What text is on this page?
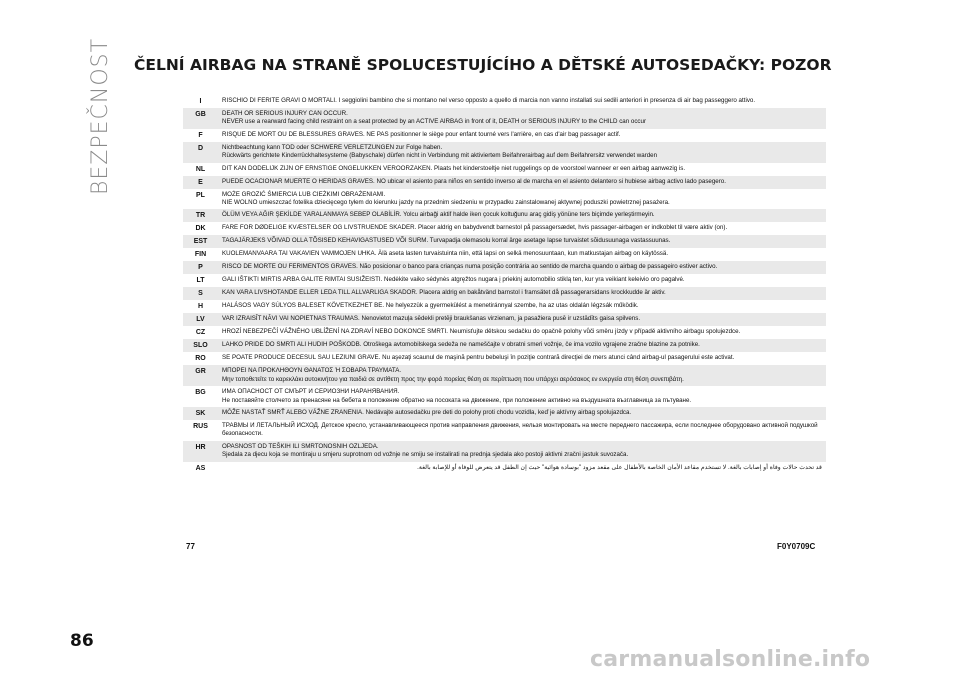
BEZPEČNOST ČELNÍ AIRBAG NA STRANĚ SPOLUCESTUJÍCÍHO A DĚTSKÉ AUTOSEDAČKY: POZOR
I	RISCHIO DI FERITE GRAVI O MORTALI. I seggiolini bambino che si montano nel verso opposto a quello di marcia non vanno installati sui sedili anteriori in presenza di air bag passeggero attivo.
GB	DEATH OR SERIOUS INJURY CAN OCCUR.
NEVER use a rearward facing child restraint on a seat protected by an ACTIVE AIRBAG in front of it, DEATH or SERIOUS INJURY to the CHILD can occur
F	RISQUE DE MORT OU DE BLESSURES GRAVES. NE PAS positionner le siège pour enfant tourné vers l'arrière, en cas d'air bag passager actif.
D	Nichtbeachtung kann TOD oder SCHWERE VERLETZUNGEN zur Folge haben.
Rückwärts gerichtete Kinderrückhaltesysteme (Babyschale) dürfen nicht in Verbindung mit aktiviertem Beifahrerairbag auf dem Beifahrersitz verwendet warden
NL	DIT KAN DODELIJK ZIJN OF ERNSTIGE ONGELUKKEN VEROORZAKEN. Plaats het kinderstoeltje niet ruggelings op de voorstoel wanneer er een airbag aanwezig is.
E	PUEDE OCACIONAR MUERTE O HERIDAS GRAVES. NO ubicar el asiento para niños en sentido inverso al de marcha en el asiento delantero si hubiese airbag activo lado pasegero.
PL	MOŻE GROZIĆ ŚMIERCIA LUB CIEŻKIMI OBRAŻENIAMI.
NIE WOLNO umieszczać fotelika dziecięcego tyłem do kierunku jazdy na przednim siedzeniu w przypadku zainstalowanej aktywnej poduszki powietrznej pasażera.
TR	ÖLÜM VEYA AĞIR ŞEKİLDE YARALANMAYA SEBEP OLABİLİR. Yolcu airbaği aktif halde iken çocuk koltuğunu araç gidiş yönüne ters biçimde yerleştirmeyin.
DK	FARE FOR DØDELIGE KVÆSTELSER OG LIVSTRUENDE SKADER. Placer aldrig en babydvendt barnestol på passagersædet, hvis passager-airbagen er indkoblet til være aktiv (on).
EST	TAGAJÄRJEKS VÕIVAD OLLA TÕSISED KEHAVIGASTUSED VÕI SURM. Turvapadja olemasolu korral ärge asetage lapse turvaistet sõidusuunaga vastassuunas.
FIN	KUOLEMANVAARA TAI VAKAVIEN VAMMOJEN UHKA. Älä aseta lasten turvaistuinta niin, että lapsi on selkä menosuuntaan, kun matkustajan airbag on käytössä.
P	RISCO DE MORTE OU FERIMENTOS GRAVES. Não posicionar o banco para crianças numa posição contrária ao sentido de marcha quando o airbag de passageiro estiver activo.
LT	GALI IŠTIKTI MIRTIS ARBA GALITE RIMTAI SUSIŽEISTI. Nedėkite vaiko sėdynės atgręžtos nugara į priekinį automobilio stiklą ten, kur yra veikiant keleivio oro pagalvė.
S	KAN VARA LIVSHOTANDE ELLER LEDA TILL ALLVARLIGA SKADOR. Placera aldrig en bakåtvänd barnstol i framsätet då passagerarsidans krockkudde är aktiv.
H	HALÁSOS VAGY SÚLYOS BALESET KÖVETKEZHET BE. Ne helyezzük a gyermekülést a menetiránnyal szembe, ha az utas oldalán légzsák működik.
LV	VAR IZRAISĪT NĀVI VAI NOPIETNAS TRAUMAS. Nenovietot mazuļa sēdekli pretēji braukšanas virzienam, ja pasažiera pusē ir uzstādīts gaisa spilvens.
CZ	HROZÍ NEBEZPEČÍ VÁŽNÉHO UBLÍŽENÍ NA ZDRAVÍ NEBO DOKONCE SMRTI. Neumisťujte dětskou sedačku do opačně polohy vůči směru jízdy v případě aktivního airbagu spolujezdce.
SLO	LAHKO PRIDE DO SMRTI ALI HUDIH POŠKODB. Otroškega avtomobilskega sedeža ne nameščajte v obratni smeri vožnje, če ima vozilo vgrajene zračne blazine za potnike.
RO	SE POATE PRODUCE DECESUL SAU LEZIUNI GRAVE. Nu aşezaţi scaunul de maşină pentru bebeluşi în poziţie contrară direcţiei de mers atunci când airbag-ul pasagerului este activat.
GR	ΜΠΟΡΕΙ ΝΑ ΠΡΟΚΛΗΘΟΥΝ ΘΑΝΑΤΟΣ Ή ΣΟΒΑΡΑ ΤΡΑΥΜΑΤΑ.
Μην τοποθετείτε το καρεκλάκι αυτοκινήτου για παιδιά σε αντίθετη προς την φορά πορείας θέση σε περίπτωση που υπάρχει αερόσακος εν ενεργεία στη θέση συνεπιβάτη.
BG	ИМА ОПАСНОСТ ОТ СМЪРТ И СЕРИОЗНИ НАРАНЯВАНИЯ.
Не поставяйте столчето за пренасяне на бебета в положение обратно на посоката на движение, при положение активно на въздушната възглавница за пътуване.
SK	MÔŽE NASTAŤ SMRŤ ALEBO VÁŽNE ZRANENIA. Nedávajte autosedačku pre deti do polohy proti chodu vozidla, keď je aktívny airbag spolujazdca.
RUS	ТРАВМЫ И ЛЕТАЛЬНЫЙ ИСХОД. Детское кресло, устанавливающееся против направления движения, нельзя монтировать на месте переднего пассажира, если последнее оборудовано активной подушкой безопасности.
HR	OPASNOST OD TEŠKIH ILI SMRTONOSNIH OZLJEDA.
Sjedala za djecu koja se montiraju u smjeru suprotnom od vožnje ne smiju se instalirati na prednja sjedala ako postoji aktivni zračni jastuk suvozača.
AS	قد تحدث حالات وفاة أو إصابات بالغة. لا تستخدم مقاعد الأمان الخاصة بالأطفال على مقعد مزود "بوسادة هوائية" حيث إن الطفل قد يتعرض للوفاة أو للإصابة بالغة.
77	F0Y0709C
86
carmanualsonline.info
